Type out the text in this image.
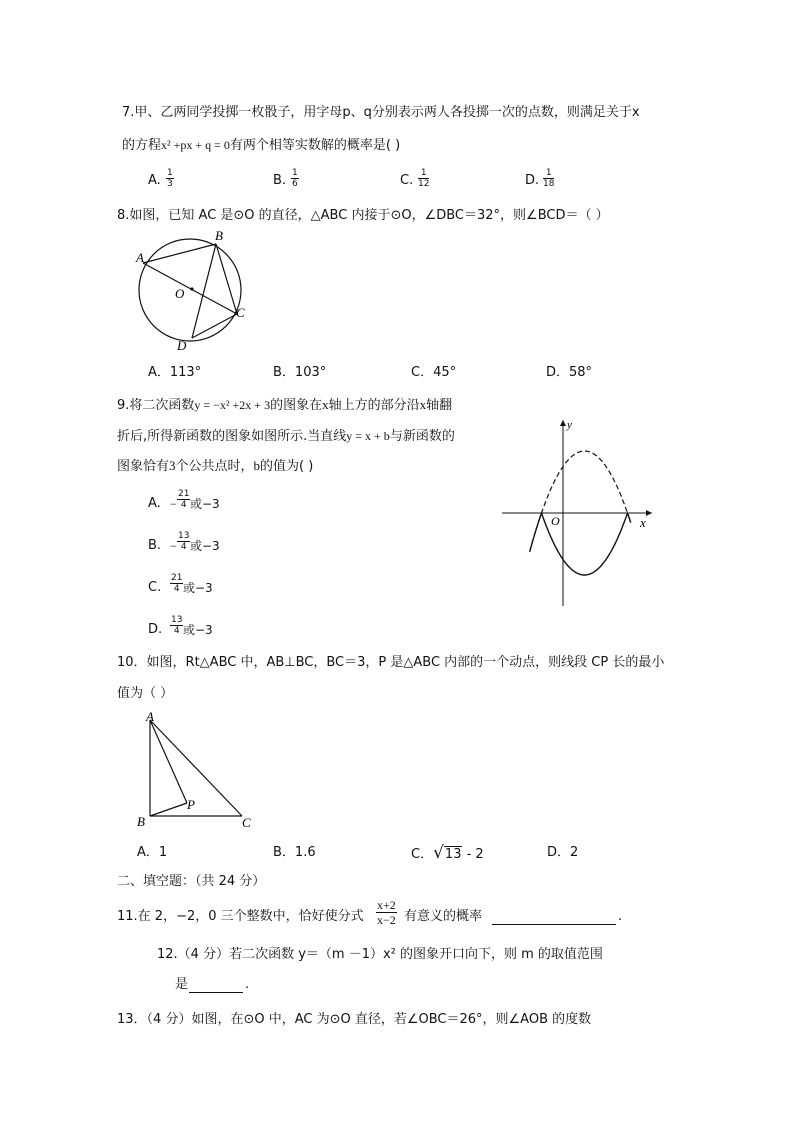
7.甲、乙两同学投掷一枚骰子，用字母p、q分别表示两人各投掷一次的点数，则满足关于x
的方程x² +px + q = 0有两个相等实数解的概率是( )
A. $\frac{1}{3}$	B. $\frac{1}{6}$	C. $\frac{1}{12}$	D. $\frac{1}{18}$
8.如图，已知 AC 是⊙O 的直径，△ABC 内接于⊙O，∠DBC＝32°，则∠BCD＝（ ）
A
B
C
D
O
A．113°	B．103°	C．45°	D．58°
9.将二次函数y = −x² +2x + 3的图象在x轴上方的部分沿x轴翻
折后,所得新函数的图象如图所示.当直线y = x + b与新函数的
图象恰有3个公共点时，b的值为( )
A. − $\frac{21}{4}$ 或−3
B. − $\frac{13}{4}$ 或−3
C. $\frac{21}{4}$ 或−3
D. $\frac{13}{4}$ 或−3
y
x
O
10．如图，Rt△ABC 中，AB⊥BC，BC＝3，P 是△ABC 内部的一个动点，则线段 CP 长的最小
值为（ ）
A
B	C
P
A．1	B．1.6	C．√13 - 2	D．2
二、填空题：（共 24 分）
11.在 2，−2，0 三个整数中，恰好使分式 $\frac{x+2}{x-2}$ 有意义的概率	.
12.（4 分）若二次函数 y＝（m －1）x² 的图象开口向下，则 m 的取值范围
是	.
13．（4 分）如图，在⊙O 中，AC 为⊙O 直径，若∠OBC＝26°，则∠AOB 的度数
